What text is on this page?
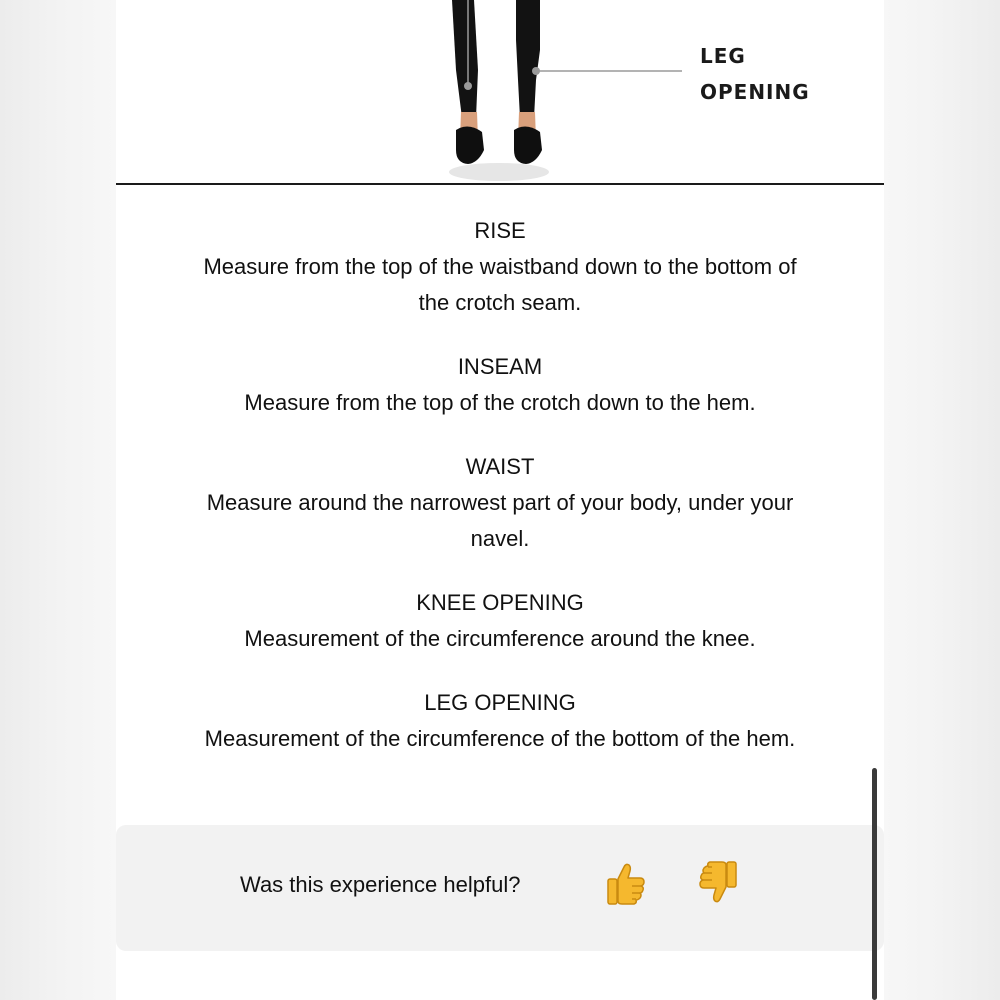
LEG
OPENING
RISE
Measure from the top of the waistband down to the bottom of the crotch seam.
INSEAM
Measure from the top of the crotch down to the hem.
WAIST
Measure around the narrowest part of your body, under your navel.
KNEE OPENING
Measurement of the circumference around the knee.
LEG OPENING
Measurement of the circumference of the bottom of the hem.
Was this experience helpful?
